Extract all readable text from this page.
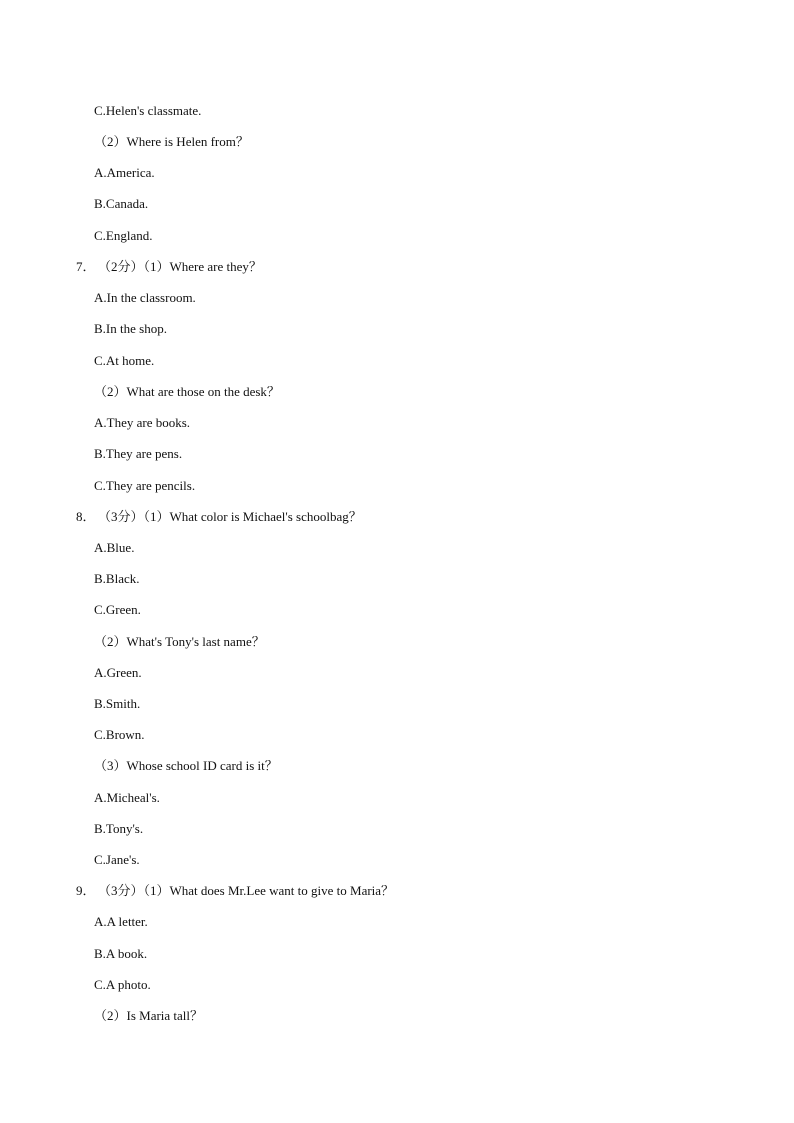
C.Helen's classmate.
（2）Where is Helen from？
A.America.
B.Canada.
C.England.
7． （2分）（1）Where are they？
A.In the classroom.
B.In the shop.
C.At home.
（2）What are those on the desk？
A.They are books.
B.They are pens.
C.They are pencils.
8． （3分）（1）What color is Michael's schoolbag？
A.Blue.
B.Black.
C.Green.
（2）What's Tony's last name？
A.Green.
B.Smith.
C.Brown.
（3）Whose school ID card is it？
A.Micheal's.
B.Tony's.
C.Jane's.
9． （3分）（1）What does Mr.Lee want to give to Maria？
A.A letter.
B.A book.
C.A photo.
（2）Is Maria tall？
